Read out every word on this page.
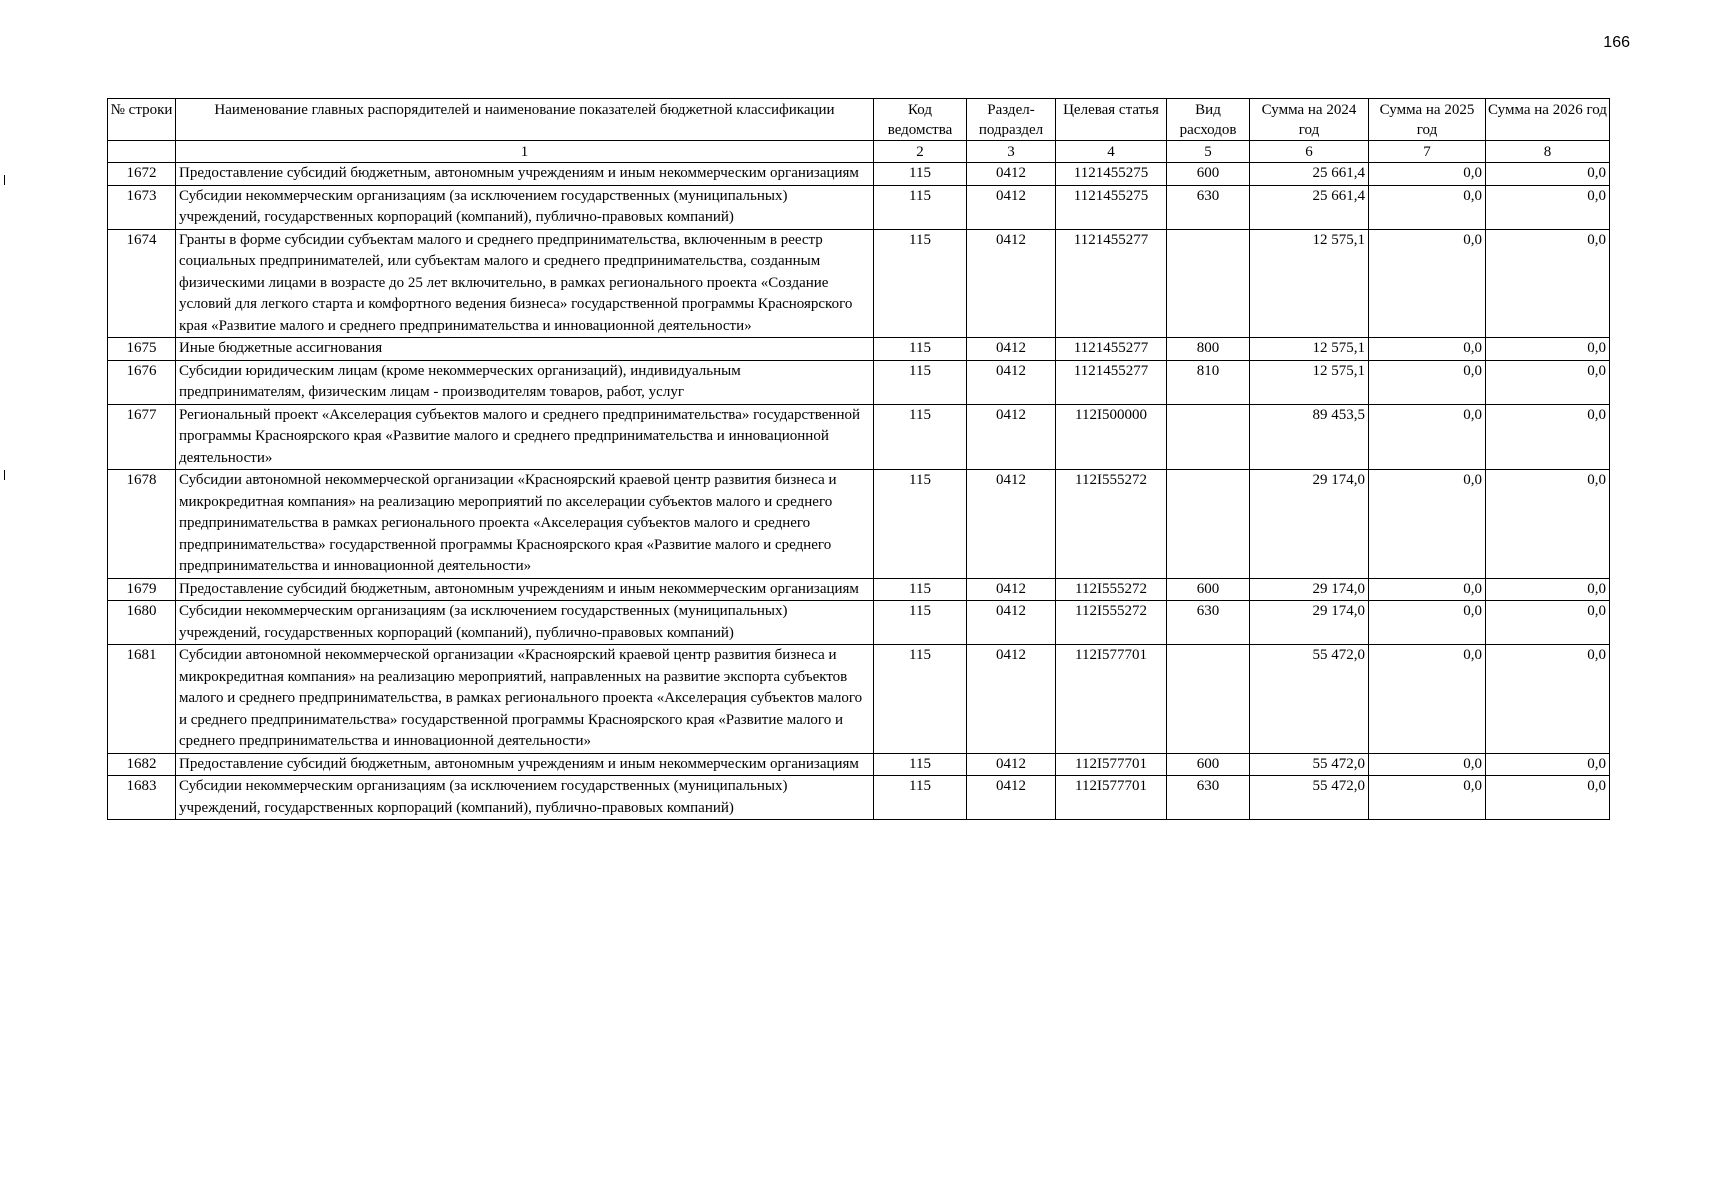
166
№ строки	Наименование главных распорядителей и наименование показателей бюджетной классификации	Код ведомства	Раздел-подраздел	Целевая статья	Вид расходов	Сумма на 2024 год	Сумма на 2025 год	Сумма на 2026 год
	1	2	3	4	5	6	7	8
1672	Предоставление субсидий бюджетным, автономным учреждениям и иным некоммерческим организациям	115	0412	1121455275	600	25 661,4	0,0	0,0
1673	Субсидии некоммерческим организациям (за исключением государственных (муниципальных) учреждений, государственных корпораций (компаний), публично-правовых компаний)	115	0412	1121455275	630	25 661,4	0,0	0,0
1674	Гранты в форме субсидии субъектам малого и среднего предпринимательства, включенным в реестр социальных предпринимателей, или субъектам малого и среднего предпринимательства, созданным физическими лицами в возрасте до 25 лет включительно, в рамках регионального проекта «Создание условий для легкого старта и комфортного ведения бизнеса» государственной программы Красноярского края «Развитие малого и среднего предпринимательства и инновационной деятельности»	115	0412	1121455277		12 575,1	0,0	0,0
1675	Иные бюджетные ассигнования	115	0412	1121455277	800	12 575,1	0,0	0,0
1676	Субсидии юридическим лицам (кроме некоммерческих организаций), индивидуальным предпринимателям, физическим лицам - производителям товаров, работ, услуг	115	0412	1121455277	810	12 575,1	0,0	0,0
1677	Региональный проект «Акселерация субъектов малого и среднего предпринимательства» государственной программы Красноярского края «Развитие малого и среднего предпринимательства и инновационной деятельности»	115	0412	112I500000		89 453,5	0,0	0,0
1678	Субсидии автономной некоммерческой организации «Красноярский краевой центр развития бизнеса и микрокредитная компания» на реализацию мероприятий по акселерации субъектов малого и среднего предпринимательства в рамках регионального проекта «Акселерация субъектов малого и среднего предпринимательства» государственной программы Красноярского края «Развитие малого и среднего предпринимательства и инновационной деятельности»	115	0412	112I555272		29 174,0	0,0	0,0
1679	Предоставление субсидий бюджетным, автономным учреждениям и иным некоммерческим организациям	115	0412	112I555272	600	29 174,0	0,0	0,0
1680	Субсидии некоммерческим организациям (за исключением государственных (муниципальных) учреждений, государственных корпораций (компаний), публично-правовых компаний)	115	0412	112I555272	630	29 174,0	0,0	0,0
1681	Субсидии автономной некоммерческой организации «Красноярский краевой центр развития бизнеса и микрокредитная компания» на реализацию мероприятий, направленных на развитие экспорта субъектов малого и среднего предпринимательства, в рамках регионального проекта «Акселерация субъектов малого и среднего предпринимательства» государственной программы Красноярского края «Развитие малого и среднего предпринимательства и инновационной деятельности»	115	0412	112I577701		55 472,0	0,0	0,0
1682	Предоставление субсидий бюджетным, автономным учреждениям и иным некоммерческим организациям	115	0412	112I577701	600	55 472,0	0,0	0,0
1683	Субсидии некоммерческим организациям (за исключением государственных (муниципальных) учреждений, государственных корпораций (компаний), публично-правовых компаний)	115	0412	112I577701	630	55 472,0	0,0	0,0
